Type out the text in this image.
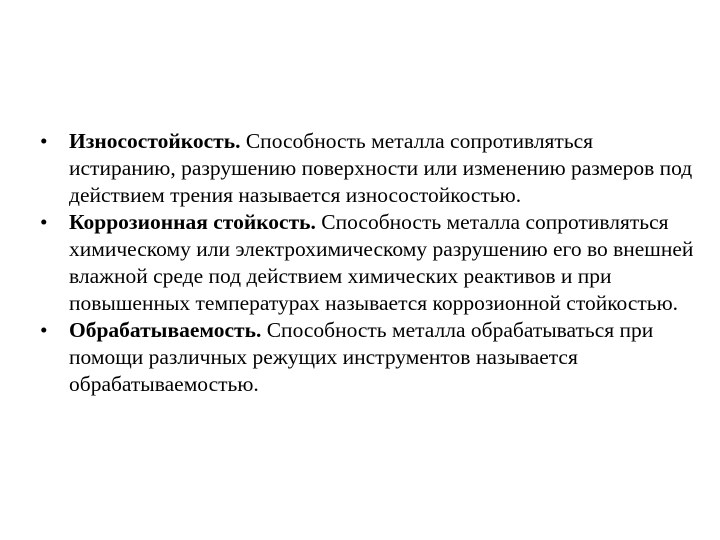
• Износостойкость. Способность металла сопротивляться истиранию, разрушению поверхности или изменению размеров под действием трения называется износостойкостью.
• Коррозионная стойкость. Способность металла сопротивляться химическому или электрохимическому разрушению его во внешней влажной среде под действием химических реактивов и при повышенных температурах называется коррозионной стойкостью.
• Обрабатываемость. Способность металла обрабатываться при помощи различных режущих инструментов называется обрабатываемостью.
